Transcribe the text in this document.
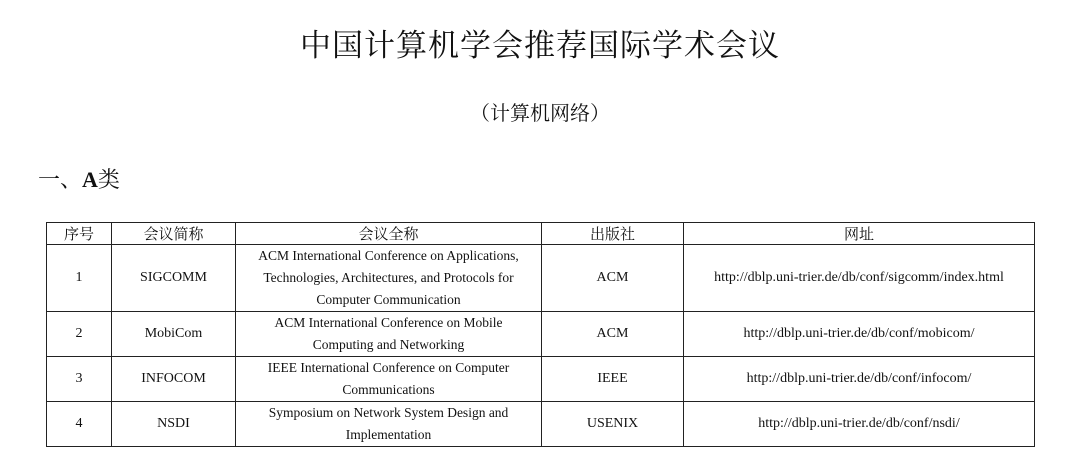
中国计算机学会推荐国际学术会议
（计算机网络）
一、A类
序号	会议简称	会议全称	出版社	网址
1	SIGCOMM	ACM International Conference on Applications,
Technologies, Architectures, and Protocols for
Computer Communication	ACM	http://dblp.uni-trier.de/db/conf/sigcomm/index.html
2	MobiCom	ACM International Conference on Mobile
Computing and Networking	ACM	http://dblp.uni-trier.de/db/conf/mobicom/
3	INFOCOM	IEEE International Conference on Computer
Communications	IEEE	http://dblp.uni-trier.de/db/conf/infocom/
4	NSDI	Symposium on Network System Design and
Implementation	USENIX	http://dblp.uni-trier.de/db/conf/nsdi/
